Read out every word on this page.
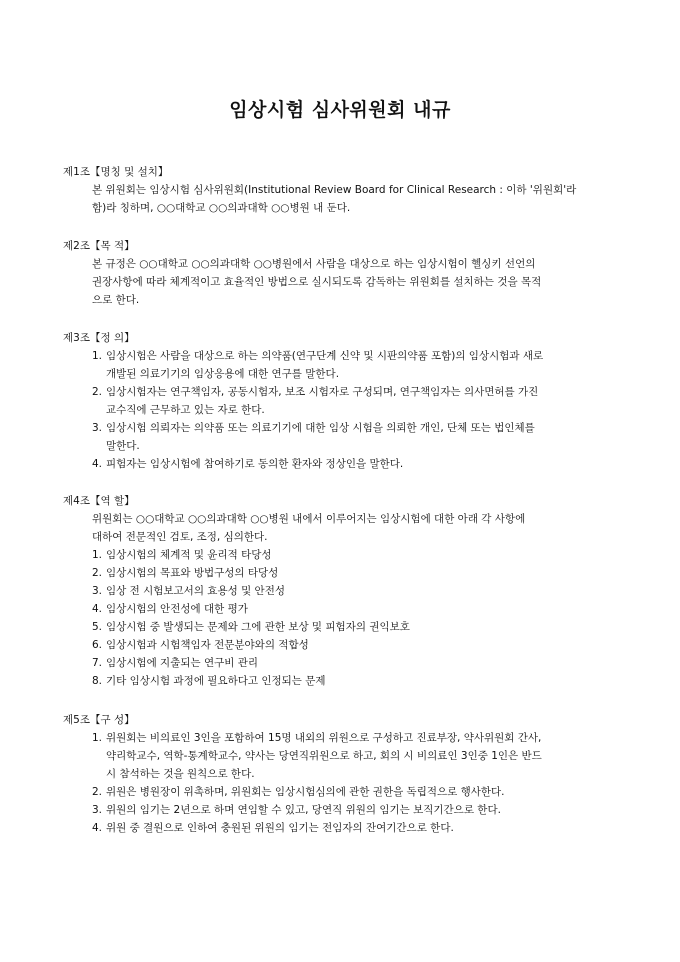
임상시험 심사위원회 내규
제1조【명칭 및 설치】
본 위원회는 임상시험 심사위원회(Institutional Review Board for Clinical Research : 이하 '위원회'라
함)라 칭하며, ○○대학교 ○○의과대학 ○○병원 내 둔다.
제2조【목 적】
본 규정은 ○○대학교 ○○의과대학 ○○병원에서 사람을 대상으로 하는 임상시험이 헬싱키 선언의
권장사항에 따라 체계적이고 효율적인 방법으로 실시되도록 감독하는 위원회를 설치하는 것을 목적
으로 한다.
제3조【정 의】
1. 임상시험은 사람을 대상으로 하는 의약품(연구단계 신약 및 시판의약품 포함)의 임상시험과 새로
개발된 의료기기의 임상응용에 대한 연구를 말한다.
2. 임상시험자는 연구책임자, 공동시험자, 보조 시험자로 구성되며, 연구책임자는 의사면허를 가진
교수직에 근무하고 있는 자로 한다.
3. 임상시험 의뢰자는 의약품 또는 의료기기에 대한 임상 시험을 의뢰한 개인, 단체 또는 법인체를
말한다.
4. 피험자는 임상시험에 참여하기로 동의한 환자와 정상인을 말한다.
제4조【역 할】
위원회는 ○○대학교 ○○의과대학 ○○병원 내에서 이루어지는 임상시험에 대한 아래 각 사항에
대하여 전문적인 검토, 조정, 심의한다.
1. 임상시험의 체계적 및 윤리적 타당성
2. 임상시험의 목표와 방법구성의 타당성
3. 임상 전 시험보고서의 효용성 및 안전성
4. 임상시험의 안전성에 대한 평가
5. 임상시험 중 발생되는 문제와 그에 관한 보상 및 피험자의 권익보호
6. 임상시험과 시험책임자 전문분야와의 적합성
7. 임상시험에 지출되는 연구비 관리
8. 기타 임상시험 과정에 필요하다고 인정되는 문제
제5조【구 성】
1. 위원회는 비의료인 3인을 포함하여 15명 내외의 위원으로 구성하고 진료부장, 약사위원회 간사,
약리학교수, 역학-통계학교수, 약사는 당연직위원으로 하고, 회의 시 비의료인 3인중 1인은 반드
시 참석하는 것을 원칙으로 한다.
2. 위원은 병원장이 위촉하며, 위원회는 임상시험심의에 관한 권한을 독립적으로 행사한다.
3. 위원의 임기는 2년으로 하며 연임할 수 있고, 당연직 위원의 임기는 보직기간으로 한다.
4. 위원 중 결원으로 인하여 충원된 위원의 임기는 전임자의 잔여기간으로 한다.
